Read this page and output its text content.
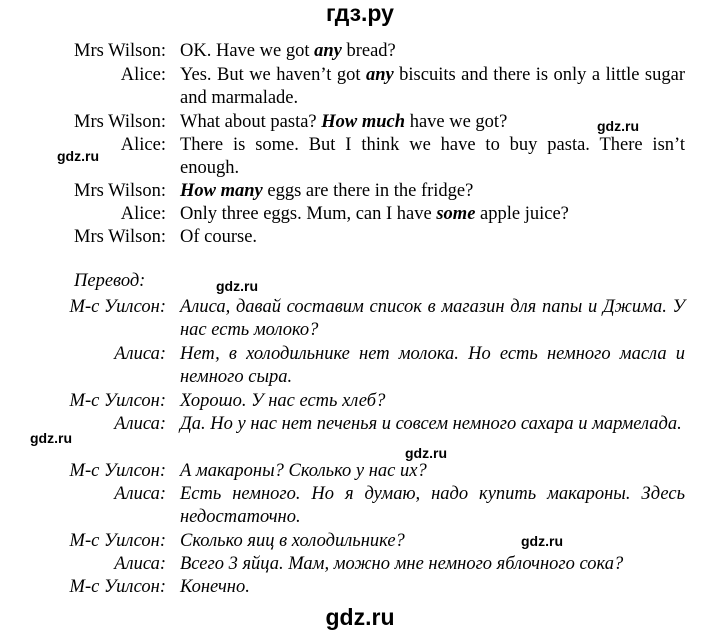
гдз.ру
Mrs Wilson: OK. Have we got any bread?
Alice: Yes. But we haven’t got any biscuits and there is only a little sugar and marmalade.
Mrs Wilson: What about pasta? How much have we got?
Alice: There is some. But I think we have to buy pasta. There isn’t enough.
Mrs Wilson: How many eggs are there in the fridge?
Alice: Only three eggs. Mum, can I have some apple juice?
Mrs Wilson: Of course.
Перевод:
М-с Уилсон: Алиса, давай составим список в магазин для папы и Джима. У нас есть молоко?
Алиса: Нет, в холодильнике нет молока. Но есть немного масла и немного сыра.
М-с Уилсон: Хорошо. У нас есть хлеб?
Алиса: Да. Но у нас нет печенья и совсем немного сахара и мармелада.
М-с Уилсон: А макароны? Сколько у нас их?
Алиса: Есть немного. Но я думаю, надо купить макароны. Здесь недостаточно.
М-с Уилсон: Сколько яиц в холодильнике?
Алиса: Всего 3 яйца. Мам, можно мне немного яблочного сока?
М-с Уилсон: Конечно.
gdz.ru
gdz.ru
gdz.ru
gdz.ru
gdz.ru
gdz.ru
gdz.ru
